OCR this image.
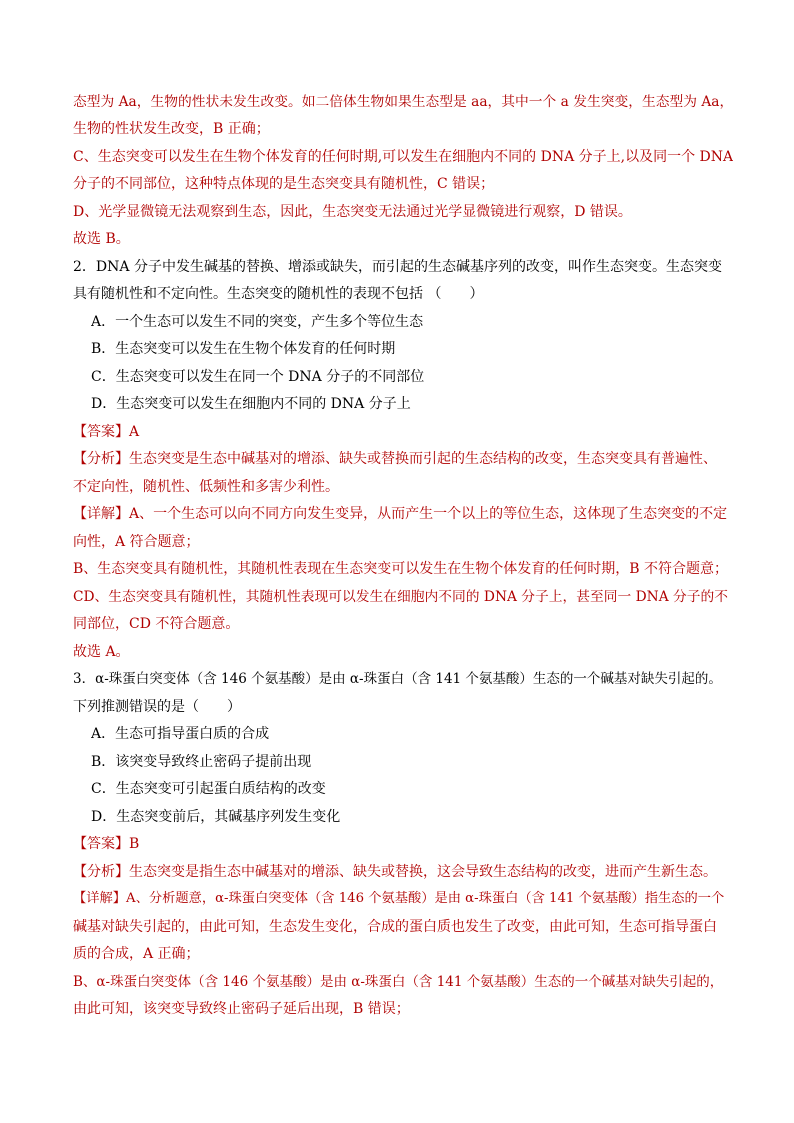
态型为 Aa，生物的性状未发生改变。如二倍体生物如果生态型是 aa，其中一个 a 发生突变，生态型为 Aa，
生物的性状发生改变，B 正确；
C、生态突变可以发生在生物个体发育的任何时期,可以发生在细胞内不同的 DNA 分子上,以及同一个 DNA
分子的不同部位，这种特点体现的是生态突变具有随机性，C 错误；
D、光学显微镜无法观察到生态，因此，生态突变无法通过光学显微镜进行观察，D 错误。
故选 B。
2．DNA 分子中发生碱基的替换、增添或缺失，而引起的生态碱基序列的改变，叫作生态突变。生态突变
具有随机性和不定向性。生态突变的随机性的表现不包括 （　　）
A．一个生态可以发生不同的突变，产生多个等位生态
B．生态突变可以发生在生物个体发育的任何时期
C．生态突变可以发生在同一个 DNA 分子的不同部位
D．生态突变可以发生在细胞内不同的 DNA 分子上
【答案】A
【分析】生态突变是生态中碱基对的增添、缺失或替换而引起的生态结构的改变，生态突变具有普遍性、
不定向性，随机性、低频性和多害少利性。
【详解】A、一个生态可以向不同方向发生变异，从而产生一个以上的等位生态，这体现了生态突变的不定
向性，A 符合题意；
B、生态突变具有随机性，其随机性表现在生态突变可以发生在生物个体发育的任何时期，B 不符合题意；
CD、生态突变具有随机性，其随机性表现可以发生在细胞内不同的 DNA 分子上，甚至同一 DNA 分子的不
同部位，CD 不符合题意。
故选 A。
3．α-珠蛋白突变体（含 146 个氨基酸）是由 α-珠蛋白（含 141 个氨基酸）生态的一个碱基对缺失引起的。
下列推测错误的是（　　）
A．生态可指导蛋白质的合成
B．该突变导致终止密码子提前出现
C．生态突变可引起蛋白质结构的改变
D．生态突变前后，其碱基序列发生变化
【答案】B
【分析】生态突变是指生态中碱基对的增添、缺失或替换，这会导致生态结构的改变，进而产生新生态。
【详解】A、分析题意，α-珠蛋白突变体（含 146 个氨基酸）是由 α-珠蛋白（含 141 个氨基酸）指生态的一个
碱基对缺失引起的，由此可知，生态发生变化，合成的蛋白质也发生了改变，由此可知，生态可指导蛋白
质的合成，A 正确；
B、α-珠蛋白突变体（含 146 个氨基酸）是由 α-珠蛋白（含 141 个氨基酸）生态的一个碱基对缺失引起的，
由此可知，该突变导致终止密码子延后出现，B 错误；
